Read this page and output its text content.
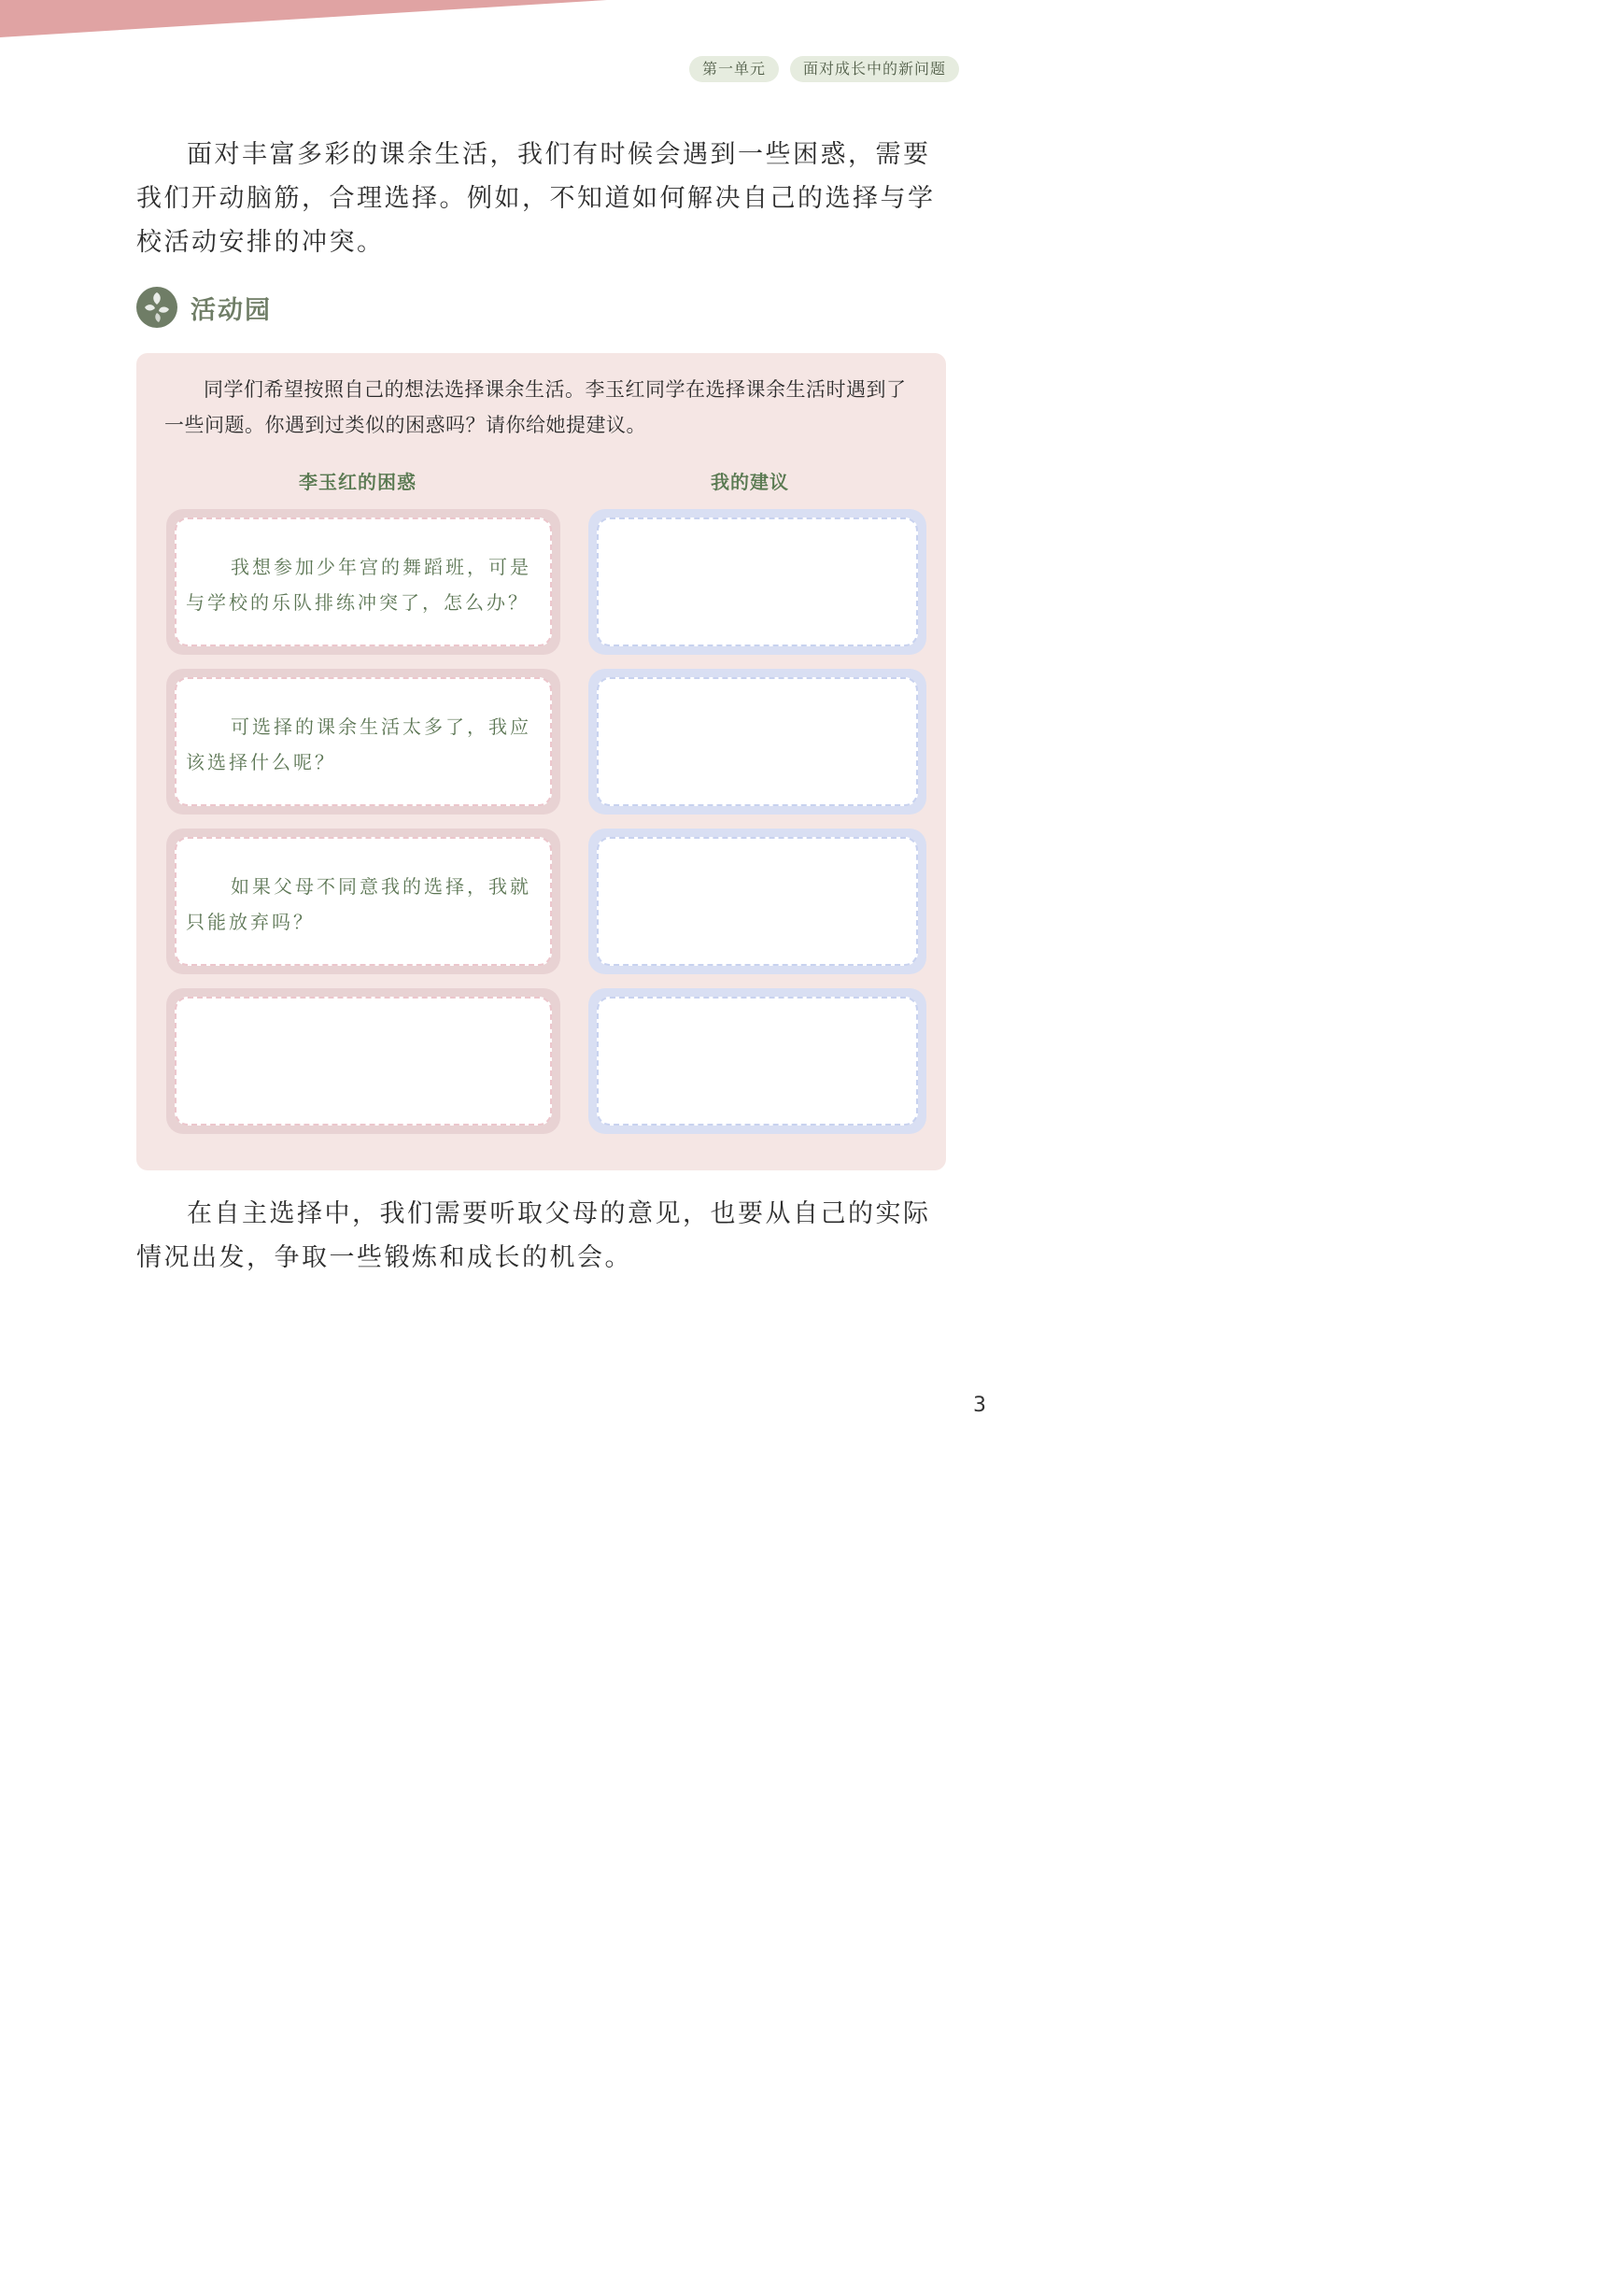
第一单元	面对成长中的新问题

面对丰富多彩的课余生活，我们有时候会遇到一些困惑，需要我们开动脑筋，合理选择。例如，不知道如何解决自己的选择与学校活动安排的冲突。

活动园

同学们希望按照自己的想法选择课余生活。李玉红同学在选择课余生活时遇到了一些问题。你遇到过类似的困惑吗？请你给她提建议。

李玉红的困惑	我的建议

我想参加少年宫的舞蹈班，可是与学校的乐队排练冲突了，怎么办？

可选择的课余生活太多了，我应该选择什么呢？

如果父母不同意我的选择，我就只能放弃吗？

在自主选择中，我们需要听取父母的意见，也要从自己的实际情况出发，争取一些锻炼和成长的机会。

3
